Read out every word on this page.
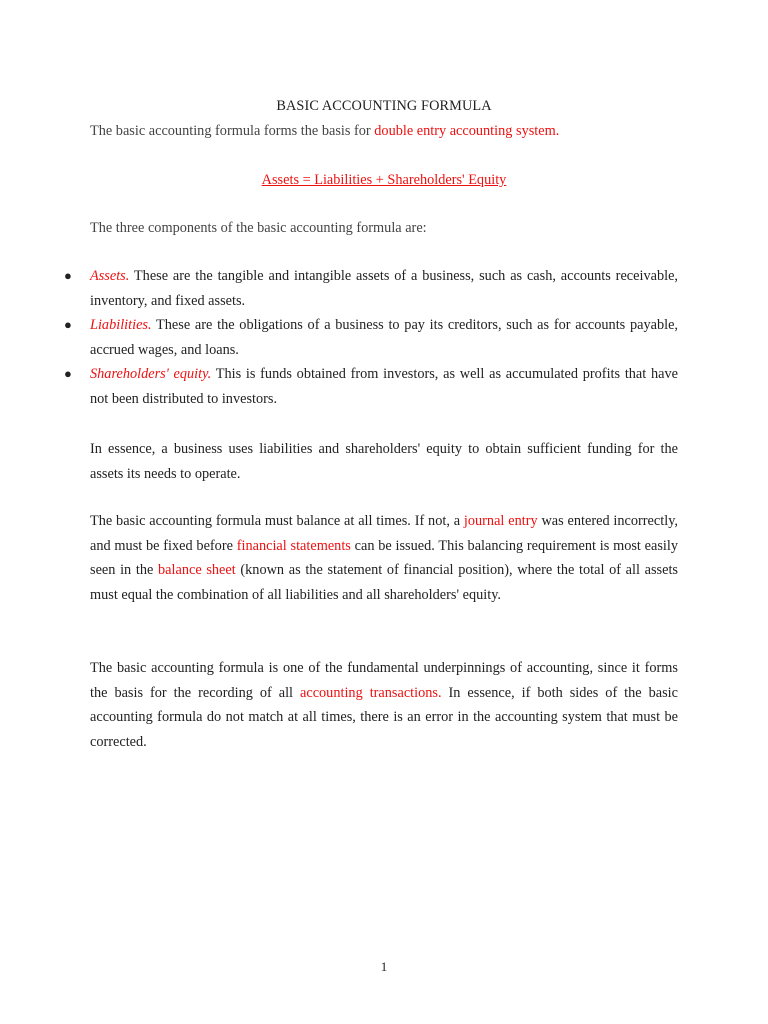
BASIC ACCOUNTING FORMULA
The basic accounting formula forms the basis for double entry accounting system.
Assets = Liabilities + Shareholders' Equity
The three components of the basic accounting formula are:
● Assets. These are the tangible and intangible assets of a business, such as cash, accounts receivable, inventory, and fixed assets.
● Liabilities. These are the obligations of a business to pay its creditors, such as for accounts payable, accrued wages, and loans.
● Shareholders' equity. This is funds obtained from investors, as well as accumulated profits that have not been distributed to investors.
In essence, a business uses liabilities and shareholders' equity to obtain sufficient funding for the assets its needs to operate.
The basic accounting formula must balance at all times. If not, a journal entry was entered incorrectly, and must be fixed before financial statements can be issued. This balancing requirement is most easily seen in the balance sheet (known as the statement of financial position), where the total of all assets must equal the combination of all liabilities and all shareholders' equity.
The basic accounting formula is one of the fundamental underpinnings of accounting, since it forms the basis for the recording of all accounting transactions. In essence, if both sides of the basic accounting formula do not match at all times, there is an error in the accounting system that must be corrected.
1
